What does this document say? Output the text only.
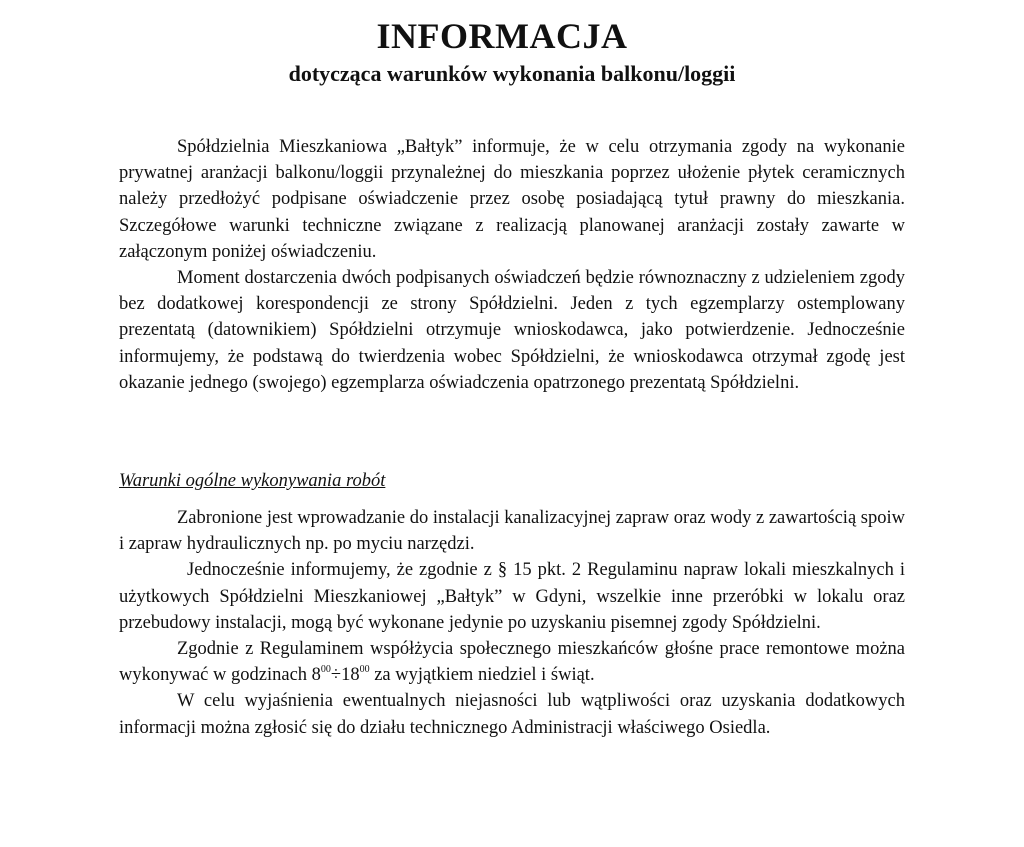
INFORMACJA
dotycząca warunków wykonania balkonu/loggii

Spółdzielnia Mieszkaniowa „Bałtyk” informuje, że w celu otrzymania zgody na wykonanie prywatnej aranżacji balkonu/loggii przynależnej do mieszkania poprzez ułożenie płytek ceramicznych należy przedłożyć podpisane oświadczenie przez osobę posiadającą tytuł prawny do mieszkania. Szczegółowe warunki techniczne związane z realizacją planowanej aranżacji zostały zawarte w załączonym poniżej oświadczeniu.

Moment dostarczenia dwóch podpisanych oświadczeń będzie równoznaczny z udzieleniem zgody bez dodatkowej korespondencji ze strony Spółdzielni. Jeden z tych egzemplarzy ostemplowany prezentatą (datownikiem) Spółdzielni otrzymuje wnioskodawca, jako potwierdzenie. Jednocześnie informujemy, że podstawą do twierdzenia wobec Spółdzielni, że wnioskodawca otrzymał zgodę jest okazanie jednego (swojego) egzemplarza oświadczenia opatrzonego prezentatą Spółdzielni.

Warunki ogólne wykonywania robót

Zabronione jest wprowadzanie do instalacji kanalizacyjnej zapraw oraz wody z zawartością spoiw i zapraw hydraulicznych np. po myciu narzędzi.

Jednocześnie informujemy, że zgodnie z § 15 pkt. 2 Regulaminu napraw lokali mieszkalnych i użytkowych Spółdzielni Mieszkaniowej „Bałtyk” w Gdyni, wszelkie inne przeróbki w lokalu oraz przebudowy instalacji, mogą być wykonane jedynie po uzyskaniu pisemnej zgody Spółdzielni.

Zgodnie z Regulaminem współżycia społecznego mieszkańców głośne prace remontowe można wykonywać w godzinach $8^{00}\div 18^{00}$ za wyjątkiem niedziel i świąt.

W celu wyjaśnienia ewentualnych niejasności lub wątpliwości oraz uzyskania dodatkowych informacji można zgłosić się do działu technicznego Administracji właściwego Osiedla.
